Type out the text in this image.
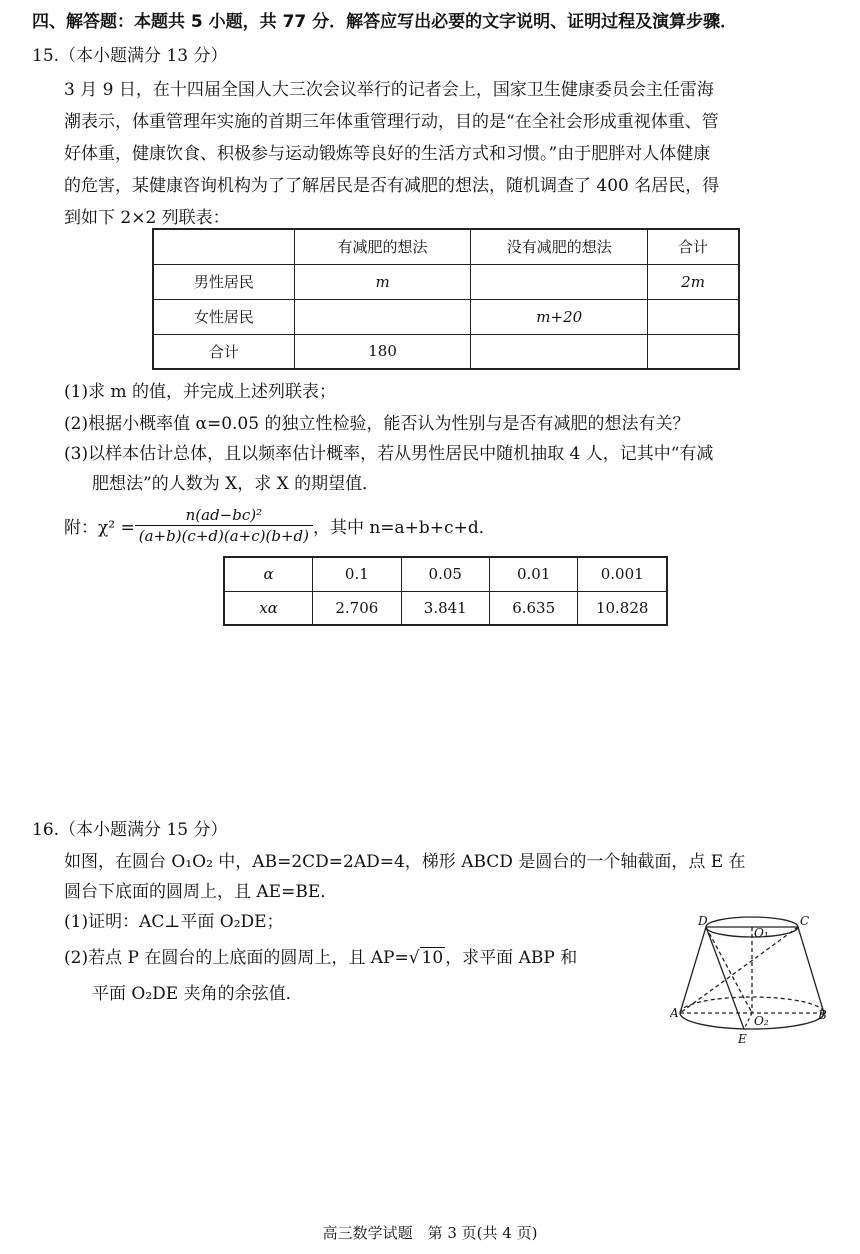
四、解答题：本题共 5 小题，共 77 分．解答应写出必要的文字说明、证明过程及演算步骤．
15.（本小题满分 13 分）
3 月 9 日，在十四届全国人大三次会议举行的记者会上，国家卫生健康委员会主任雷海
潮表示，体重管理年实施的首期三年体重管理行动，目的是“在全社会形成重视体重、管
好体重，健康饮食、积极参与运动锻炼等良好的生活方式和习惯。”由于肥胖对人体健康
的危害，某健康咨询机构为了了解居民是否有减肥的想法，随机调查了 400 名居民，得
到如下 2×2 列联表：
	有减肥的想法	没有减肥的想法	合计
男性居民	m		2m
女性居民		m+20	
合计	180		
(1)求 m 的值，并完成上述列联表；
(2)根据小概率值 α=0.05 的独立性检验，能否认为性别与是否有减肥的想法有关？
(3)以样本估计总体，且以频率估计概率，若从男性居民中随机抽取 4 人，记其中“有减
肥想法”的人数为 X，求 X 的期望值．
附：$\chi^2 = \frac{\text{n(ad−bc)²}}{(a+b)(c+d)(a+c)(b+d)}$ ，其中 n=a+b+c+d．
α	0.1	0.05	0.01	0.001
xα	2.706	3.841	6.635	10.828
16.（本小题满分 15 分）
如图，在圆台 O₁O₂ 中，AB=2CD=2AD=4，梯形 ABCD 是圆台的一个轴截面，点 E 在
圆台下底面的圆周上，且 AE=BE．
(1)证明：AC⊥平面 O₂DE；
(2)若点 P 在圆台的上底面的圆周上，且 AP=√ 10 ，求平面 ABP 和
平面 O₂DE 夹角的余弦值．
D	C
O₁
A	B
O₂
E
高三数学试题　第 3 页(共 4 页)
